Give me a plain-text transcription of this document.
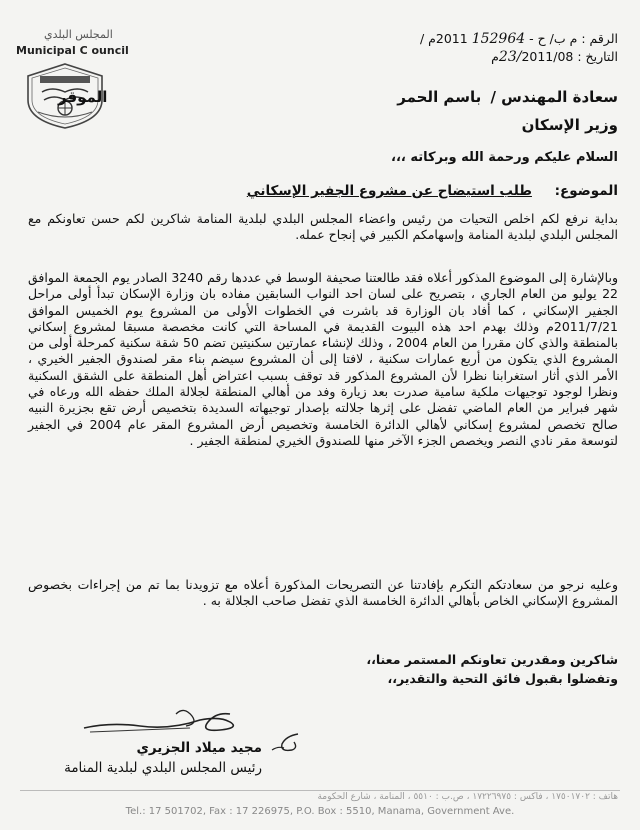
المجلس البلدي
Municipal C ouncil
الرقم : م ب/ ح - 152964 2011م /
التاريخ : 23/2011/08م
سعادة المهندس / باسم الحمر
الموقر
وزير الإسكان
السلام عليكم ورحمة الله وبركاته ،،،
الموضوع: طلب استيضاح عن مشروع الجفير الإسكاني
بداية نرفع لكم اخلص التحيات من رئيس واعضاء المجلس البلدي لبلدية المنامة شاكرين لكم حسن تعاونكم مع المجلس البلدي لبلدية المنامة وإسهامكم الكبير في إنجاح عمله.
وبالإشارة إلى الموضوع المذكور أعلاه فقد طالعتنا صحيفة الوسط في عددها رقم 3240 الصادر يوم الجمعة الموافق 22 يوليو من العام الجاري ، بتصريح على لسان احد النواب السابقين مفاده بان وزارة الإسكان تبدأ أولى مراحل الجفير الإسكاني ، كما أفاد بان الوزارة قد باشرت في الخطوات الأولى من المشروع يوم الخميس الموافق 2011/7/21م وذلك بهدم احد هذه البيوت القديمة في المساحة التي كانت مخصصة مسبقا لمشروع إسكاني بالمنطقة والذي كان مقررا من العام 2004 ، وذلك لإنشاء عمارتين سكنيتين تضم 50 شقة سكنية كمرحلة أولى من المشروع الذي يتكون من أربع عمارات سكنية ، لافتا إلى أن المشروع سيضم بناء مقر لصندوق الجفير الخيري ، الأمر الذي أثار استغرابنا نظرا لأن المشروع المذكور قد توقف بسبب اعتراض أهل المنطقة على الشقق السكنية ونظرا لوجود توجيهات ملكية سامية صدرت بعد زيارة وفد من أهالي المنطقة لجلالة الملك حفظه الله ورعاه في شهر فبراير من العام الماضي تفضل على إثرها جلالته بإصدار توجيهاته السديدة بتخصيص أرض تقع بجزيرة النبيه صالح تخصص لمشروع إسكاني لأهالي الدائرة الخامسة وتخصيص أرض المشروع المقر عام 2004 في الجفير لتوسعة مقر نادي النصر ويخصص الجزء الآخر منها للصندوق الخيري لمنطقة الجفير .
وعليه نرجو من سعادتكم التكرم بإفادتنا عن التصريحات المذكورة أعلاه مع تزويدنا بما تم من إجراءات بخصوص المشروع الإسكاني الخاص بأهالي الدائرة الخامسة الذي تفضل صاحب الجلالة به .
شاكرين ومقدرين تعاونكم المستمر معنا،،
وتفضلوا بقبول فائق التحية والتقدير،،
مجيد ميلاد الجزيري
رئيس المجلس البلدي لبلدية المنامة
هاتف : ١٧٥٠١٧٠٢ ، فاكس : ١٧٢٢٦٩٧٥ ، ص.ب : ٥٥١٠ ، المنامة ، شارع الحكومة
Tel.: 17 501702, Fax : 17 226975, P.O. Box : 5510, Manama, Government Ave.
